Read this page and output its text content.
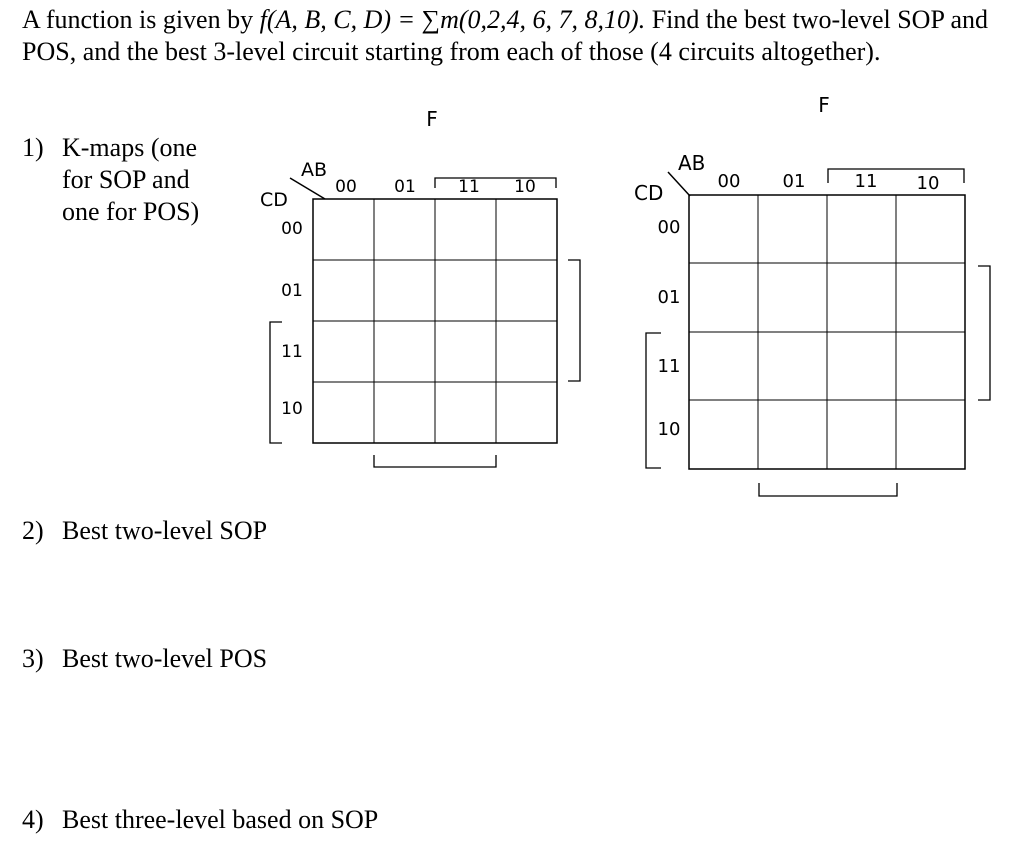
A function is given by f(A, B, C, D) = ∑m(0,2,4, 6, 7, 8,10). Find the best two-level SOP and POS, and the best 3-level circuit starting from each of those (4 circuits altogether).
1) K-maps (one for SOP and one for POS)
F
AB
CD
00 01 11 10
00
01
11
10
F
AB
CD	00 01	11 10
00
01
11
10
2) Best two-level SOP
3) Best two-level POS
4) Best three-level based on SOP
